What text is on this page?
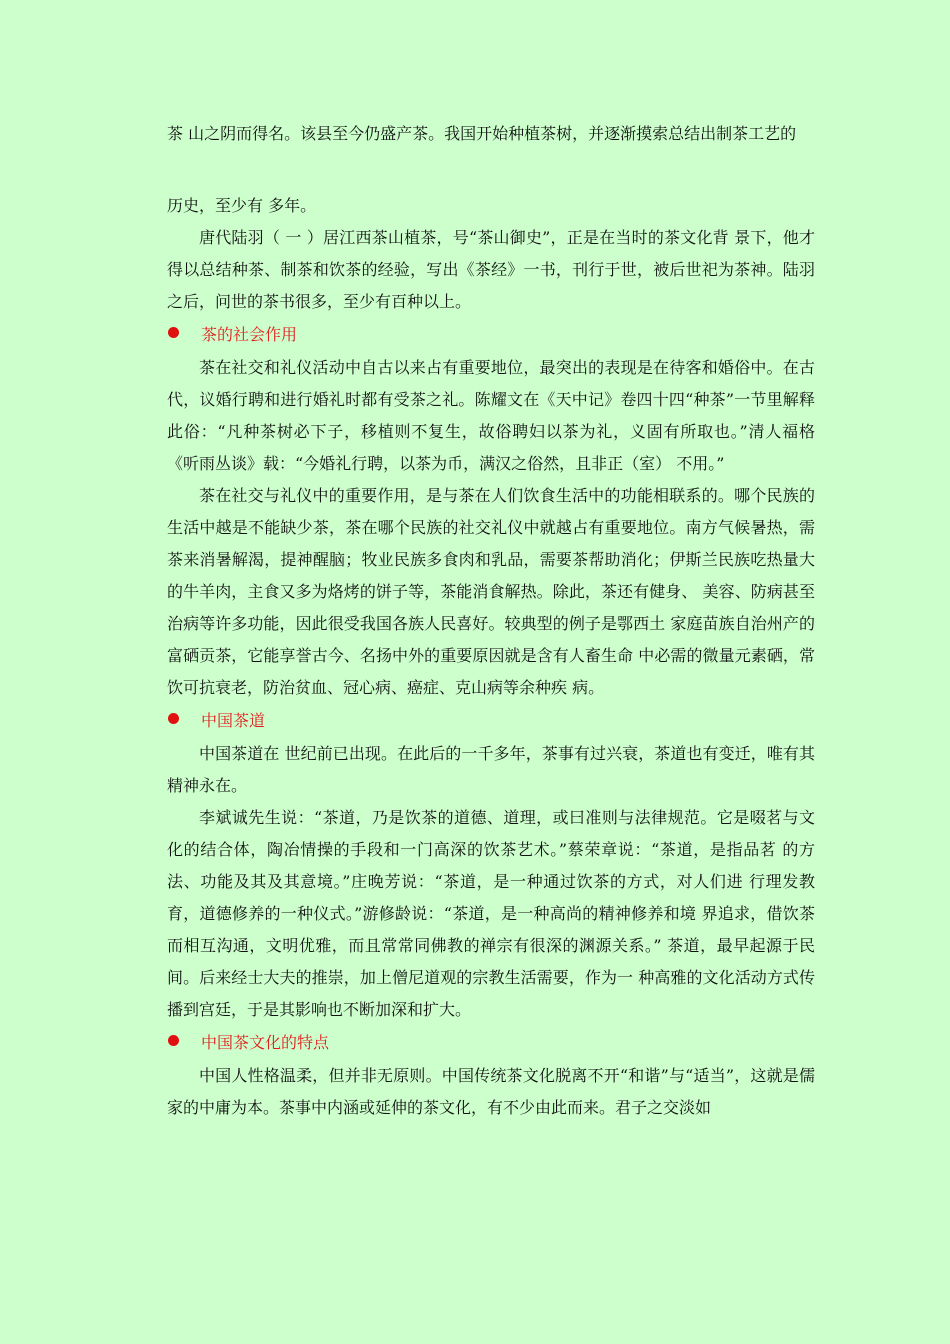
茶 山之阴而得名。该县至今仍盛产茶。我国开始种植茶树，并逐渐摸索总结出制茶工艺的

历史，至少有 多年。

唐代陆羽（ 一 ）居江西茶山植茶，号“茶山御史”，正是在当时的茶文化背 景下，他才得以总结种茶、制茶和饮茶的经验，写出《茶经》一书，刊行于世，被后世祀为茶神。陆羽之后，问世的茶书很多，至少有百种以上。

茶的社会作用

茶在社交和礼仪活动中自古以来占有重要地位，最突出的表现是在待客和婚俗中。在古代，议婚行聘和进行婚礼时都有受茶之礼。陈耀文在《天中记》卷四十四“种茶”一节里解释此俗：“凡种茶树必下子，移植则不复生，故俗聘妇以茶为礼，义固有所取也。”清人福格《听雨丛谈》载：“今婚礼行聘，以茶为币，满汉之俗然，且非正（室） 不用。”

茶在社交与礼仪中的重要作用，是与茶在人们饮食生活中的功能相联系的。哪个民族的生活中越是不能缺少茶，茶在哪个民族的社交礼仪中就越占有重要地位。南方气候暑热，需茶来消暑解渴，提神醒脑；牧业民族多食肉和乳品，需要茶帮助消化；伊斯兰民族吃热量大的牛羊肉，主食又多为烙烤的饼子等，茶能消食解热。除此，茶还有健身、 美容、防病甚至治病等许多功能，因此很受我国各族人民喜好。较典型的例子是鄂西土 家庭苗族自治州产的富硒贡茶，它能享誉古今、名扬中外的重要原因就是含有人畜生命 中必需的微量元素硒，常饮可抗衰老，防治贫血、冠心病、癌症、克山病等余种疾 病。

中国茶道

中国茶道在 世纪前已出现。在此后的一千多年，茶事有过兴衰，茶道也有变迁，唯有其精神永在。

李斌诚先生说：“茶道，乃是饮茶的道德、道理，或曰准则与法律规范。它是啜茗与文 化的结合体，陶冶情操的手段和一门高深的饮茶艺术。”蔡荣章说：“茶道，是指品茗 的方法、功能及其及其意境。”庄晚芳说：“茶道，是一种通过饮茶的方式，对人们进 行理发教育，道德修养的一种仪式。”游修龄说：“茶道，是一种高尚的精神修养和境 界追求，借饮茶而相互沟通，文明优雅，而且常常同佛教的禅宗有很深的渊源关系。” 茶道，最早起源于民间。后来经士大夫的推崇，加上僧尼道观的宗教生活需要，作为一 种高雅的文化活动方式传播到宫廷，于是其影响也不断加深和扩大。

中国茶文化的特点

中国人性格温柔，但并非无原则。中国传统茶文化脱离不开“和谐”与“适当”，这就是儒家的中庸为本。茶事中内涵或延伸的茶文化，有不少由此而来。君子之交淡如
